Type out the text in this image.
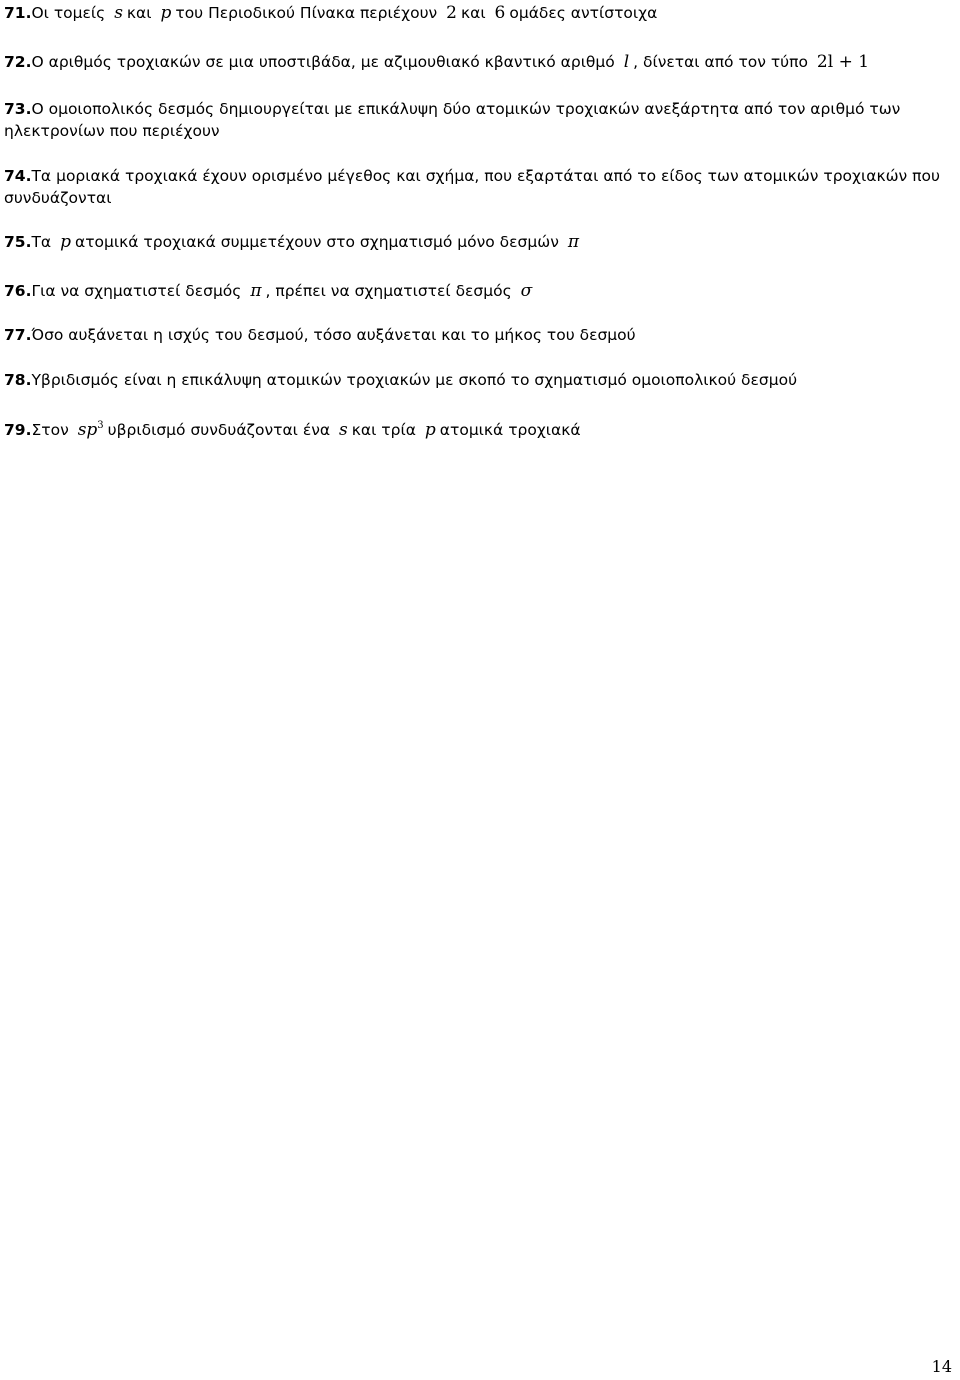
71.Οι τομείς s και p του Περιοδικού Πίνακα περιέχουν 2 και 6 ομάδες αντίστοιχα

72.Ο αριθμός τροχιακών σε μια υποστιβάδα, με αζιμουθιακό κβαντικό αριθμό l , δίνεται από τον τύπο 2l + 1

73.Ο ομοιοπολικός δεσμός δημιουργείται με επικάλυψη δύο ατομικών τροχιακών ανεξάρτητα από τον αριθμό των ηλεκτρονίων που περιέχουν

74.Τα μοριακά τροχιακά έχουν ορισμένο μέγεθος και σχήμα, που εξαρτάται από το είδος των ατομικών τροχιακών που συνδυάζονται

75.Τα p ατομικά τροχιακά συμμετέχουν στο σχηματισμό μόνο δεσμών π

76.Για να σχηματιστεί δεσμός π , πρέπει να σχηματιστεί δεσμός σ

77.Όσο αυξάνεται η ισχύς του δεσμού, τόσο αυξάνεται και το μήκος του δεσμού

78.Υβριδισμός είναι η επικάλυψη ατομικών τροχιακών με σκοπό το σχηματισμό ομοιοπολικού δεσμού

79.Στον $sp^3$ υβριδισμό συνδυάζονται ένα s και τρία p ατομικά τροχιακά

14
